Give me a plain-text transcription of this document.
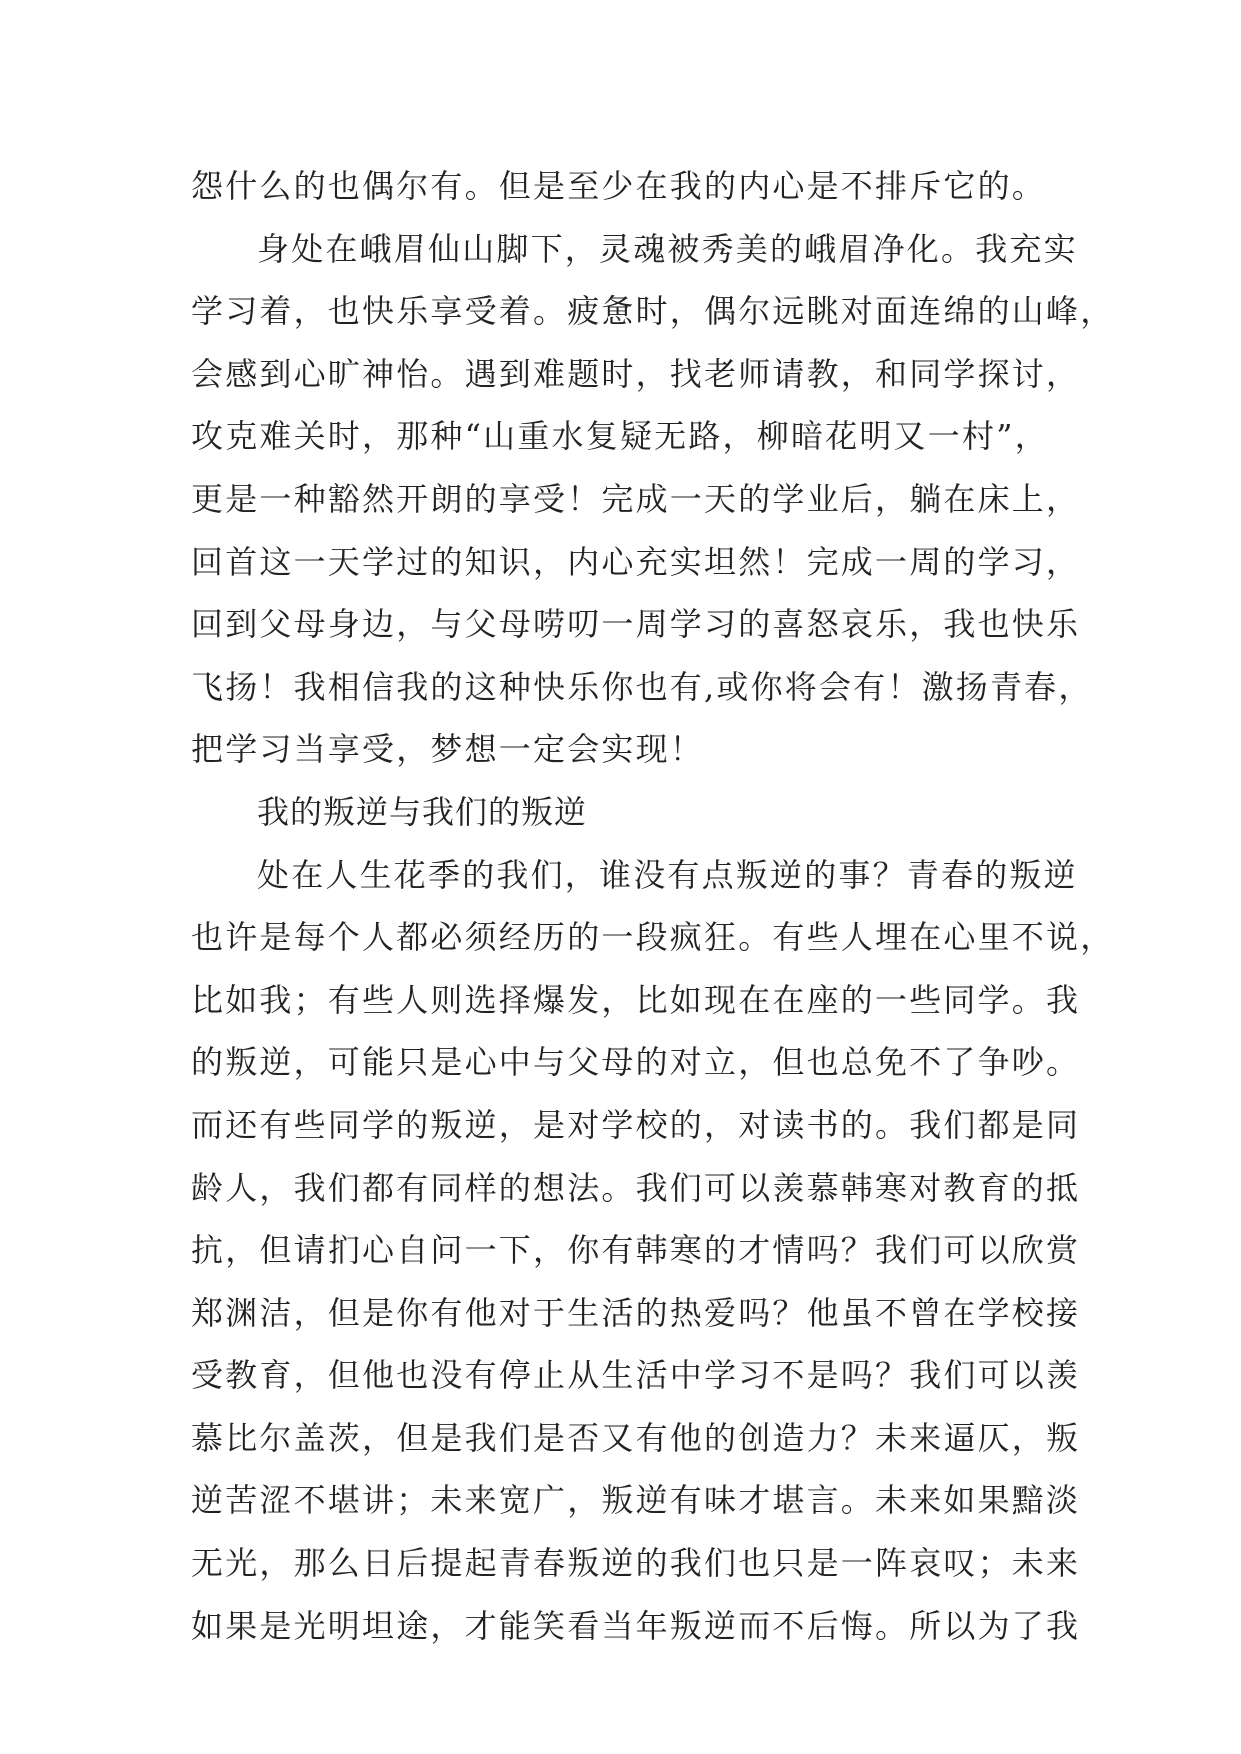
怨什么的也偶尔有。但是至少在我的内心是不排斥它的。
身处在峨眉仙山脚下，灵魂被秀美的峨眉净化。我充实
学习着，也快乐享受着。疲惫时，偶尔远眺对面连绵的山峰，
会感到心旷神怡。遇到难题时，找老师请教，和同学探讨，
攻克难关时，那种“山重水复疑无路，柳暗花明又一村”，
更是一种豁然开朗的享受！完成一天的学业后，躺在床上，
回首这一天学过的知识，内心充实坦然！完成一周的学习，
回到父母身边，与父母唠叨一周学习的喜怒哀乐，我也快乐
飞扬！我相信我的这种快乐你也有,或你将会有！激扬青春，
把学习当享受，梦想一定会实现！
我的叛逆与我们的叛逆
处在人生花季的我们，谁没有点叛逆的事？青春的叛逆
也许是每个人都必须经历的一段疯狂。有些人埋在心里不说，
比如我；有些人则选择爆发，比如现在在座的一些同学。我
的叛逆，可能只是心中与父母的对立，但也总免不了争吵。
而还有些同学的叛逆，是对学校的，对读书的。我们都是同
龄人，我们都有同样的想法。我们可以羡慕韩寒对教育的抵
抗，但请扪心自问一下，你有韩寒的才情吗？我们可以欣赏
郑渊洁，但是你有他对于生活的热爱吗？他虽不曾在学校接
受教育，但他也没有停止从生活中学习不是吗？我们可以羡
慕比尔盖茨，但是我们是否又有他的创造力？未来逼仄，叛
逆苦涩不堪讲；未来宽广，叛逆有味才堪言。未来如果黯淡
无光，那么日后提起青春叛逆的我们也只是一阵哀叹；未来
如果是光明坦途，才能笑看当年叛逆而不后悔。所以为了我
